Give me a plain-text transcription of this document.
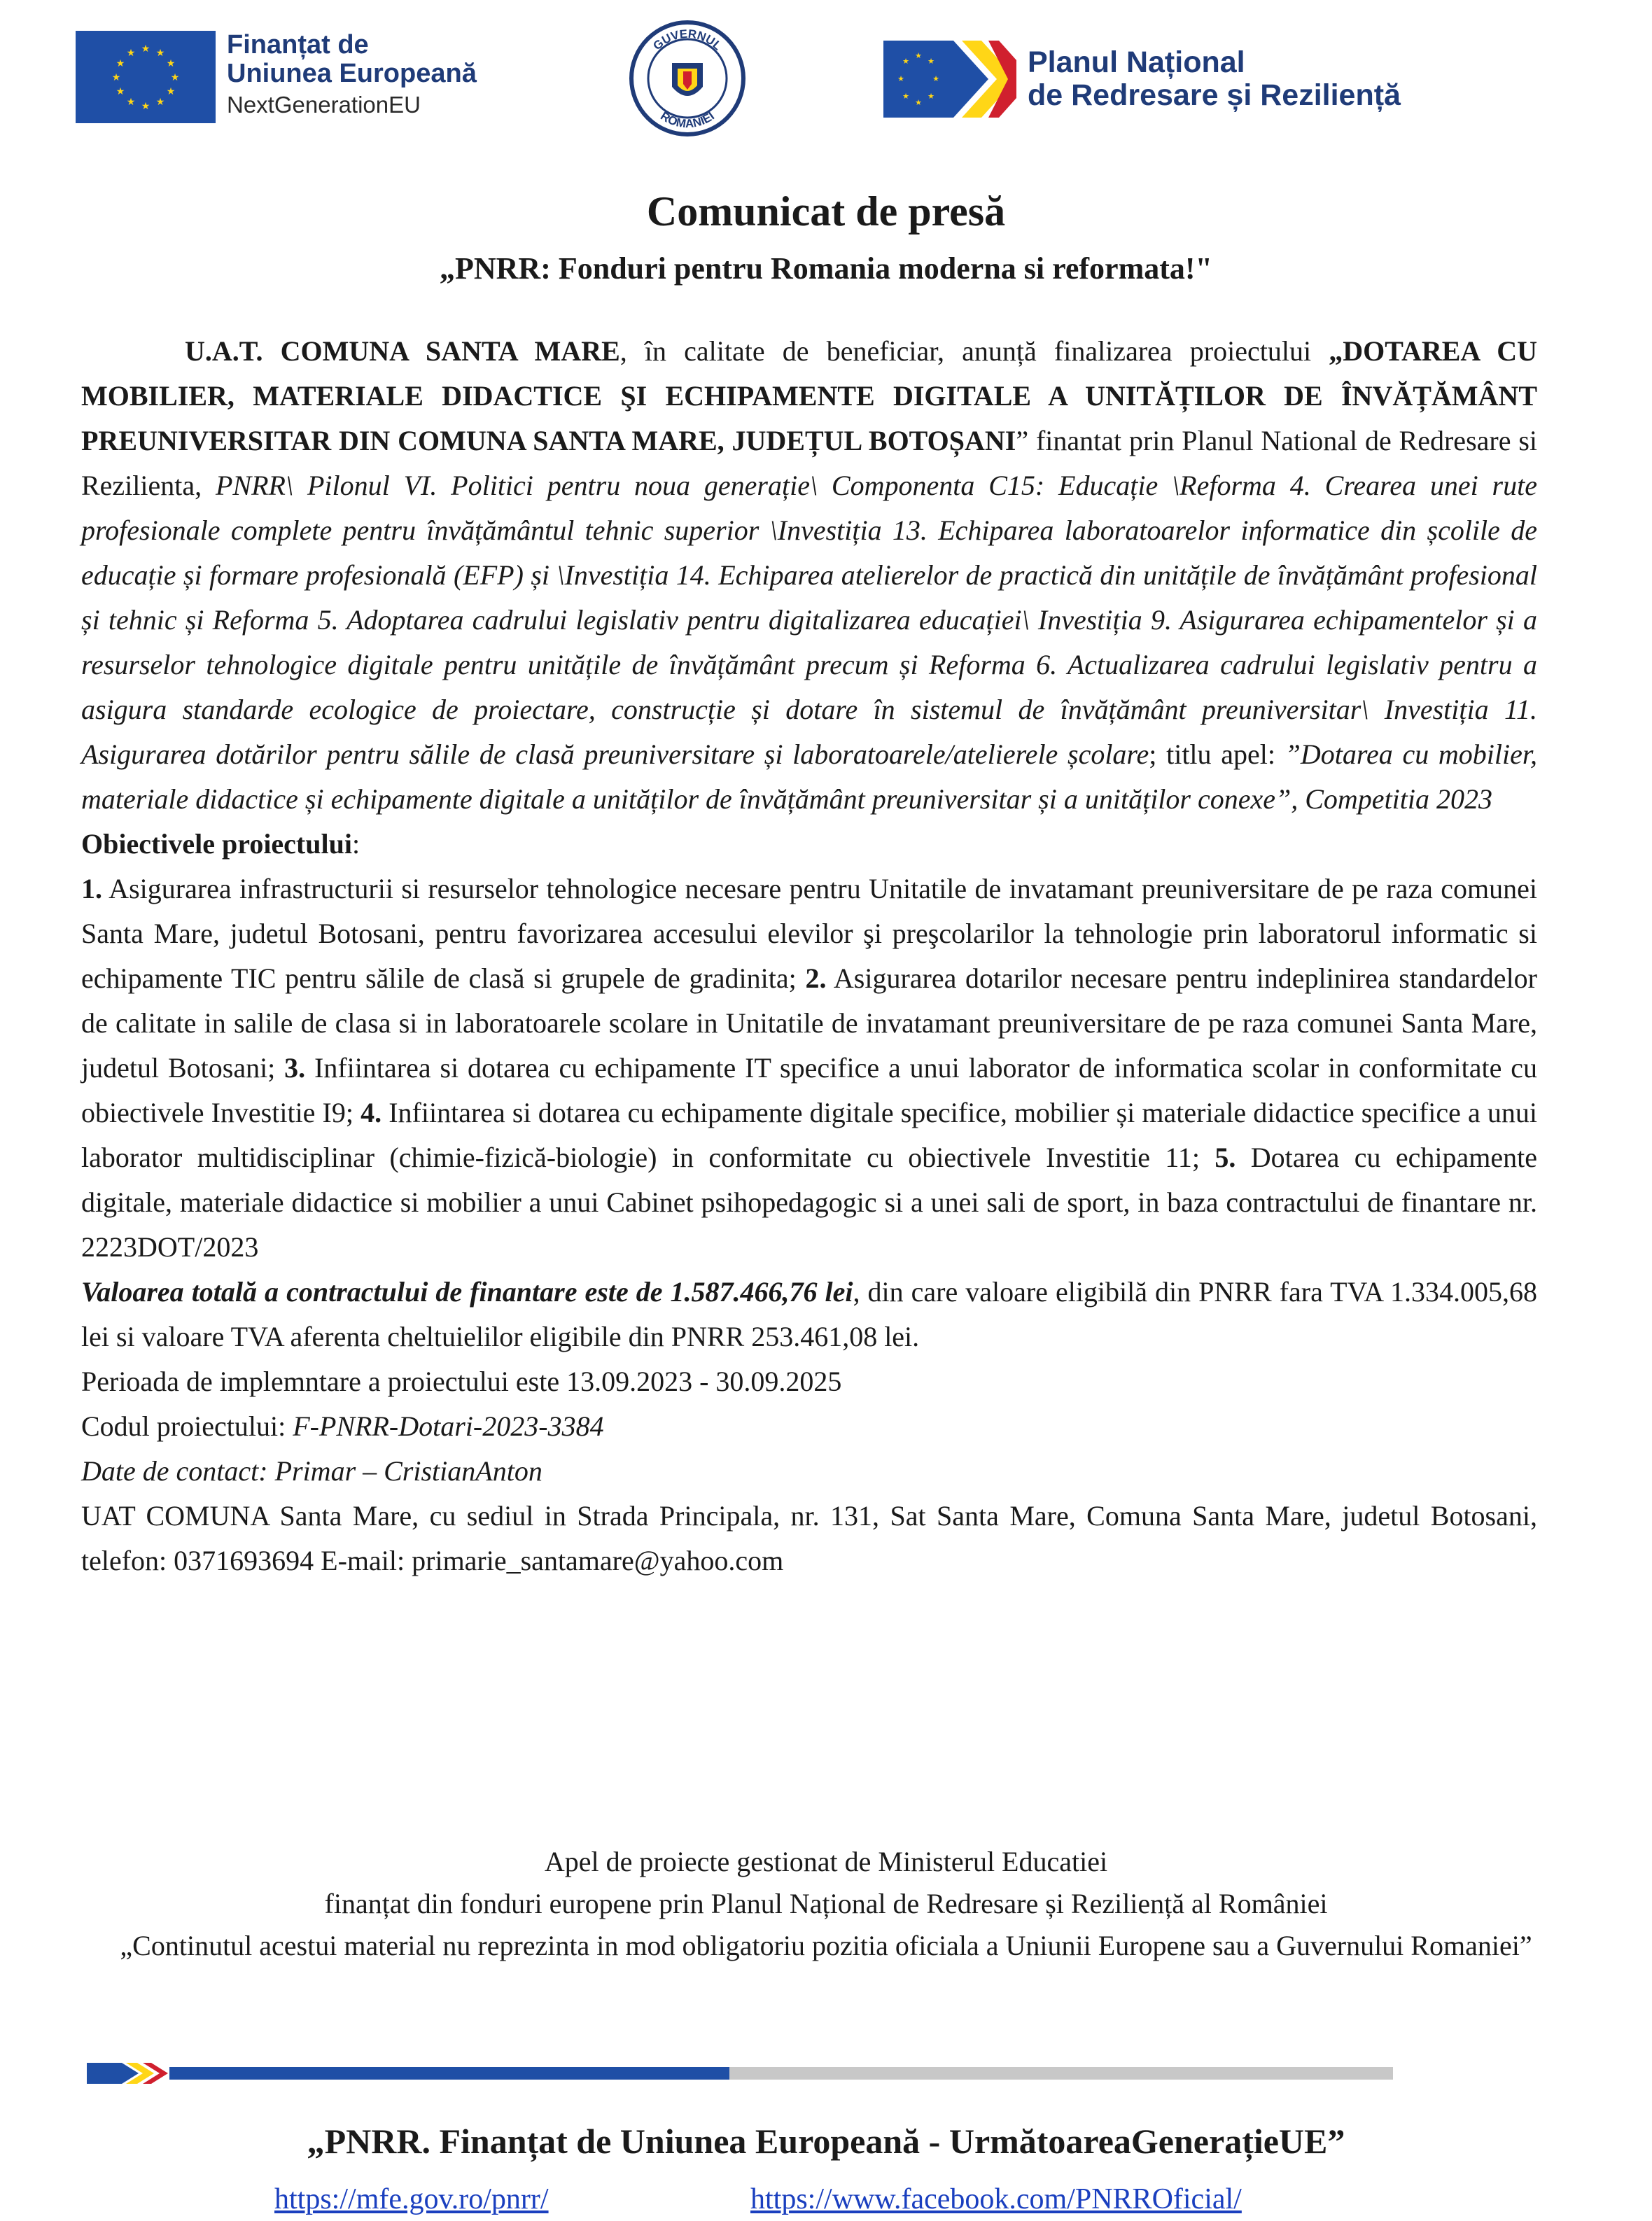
★ ★
★
★
★
★
★
★
★
★
★
★	Finanțat de
Uniunea Europeană
NextGenerationEU
GUVERNUL
ROMÂNIEI
★
★
★
★
★
★
★
★	Planul Național
de Redresare și Reziliență
Comunicat de presă
„PNRR: Fonduri pentru Romania moderna si reformata!"

U.A.T. COMUNA SANTA MARE, în calitate de beneficiar, anunță finalizarea proiectului „DOTAREA CU MOBILIER, MATERIALE DIDACTICE ŞI ECHIPAMENTE DIGITALE A UNITĂȚILOR DE ÎNVĂȚĂMÂNT PREUNIVERSITAR DIN COMUNA SANTA MARE, JUDEȚUL BOTOȘANI” finantat prin Planul National de Redresare si Rezilienta, PNRR\ Pilonul VI. Politici pentru noua generație\ Componenta C15: Educație \Reforma 4. Crearea unei rute profesionale complete pentru învățământul tehnic superior \Investiția 13. Echiparea laboratoarelor informatice din școlile de educație și formare profesională (EFP) și \Investiția 14. Echiparea atelierelor de practică din unitățile de învățământ profesional și tehnic și Reforma 5. Adoptarea cadrului legislativ pentru digitalizarea educației\ Investiția 9. Asigurarea echipamentelor și a resurselor tehnologice digitale pentru unitățile de învățământ precum și Reforma 6. Actualizarea cadrului legislativ pentru a asigura standarde ecologice de proiectare, construcție și dotare în sistemul de învățământ preuniversitar\ Investiția 11. Asigurarea dotărilor pentru sălile de clasă preuniversitare și laboratoarele/atelierele școlare; titlu apel: ”Dotarea cu mobilier, materiale didactice și echipamente digitale a unităților de învățământ preuniversitar și a unităților conexe”, Competitia 2023

Obiectivele proiectului:

1. Asigurarea infrastructurii si resurselor tehnologice necesare pentru Unitatile de invatamant preuniversitare de pe raza comunei Santa Mare, judetul Botosani, pentru favorizarea accesului elevilor şi preşcolarilor la tehnologie prin laboratorul informatic si echipamente TIC pentru sălile de clasă si grupele de gradinita; 2. Asigurarea dotarilor necesare pentru indeplinirea standardelor de calitate in salile de clasa si in laboratoarele scolare in Unitatile de invatamant preuniversitare de pe raza comunei Santa Mare, judetul Botosani; 3. Infiintarea si dotarea cu echipamente IT specifice a unui laborator de informatica scolar in conformitate cu obiectivele Investitie I9; 4. Infiintarea si dotarea cu echipamente digitale specifice, mobilier și materiale didactice specifice a unui laborator multidisciplinar (chimie-fizică-biologie) in conformitate cu obiectivele Investitie 11; 5. Dotarea cu echipamente digitale, materiale didactice si mobilier a unui Cabinet psihopedagogic si a unei sali de sport, in baza contractului de finantare nr. 2223DOT/2023

Valoarea totală a contractului de finantare este de 1.587.466,76 lei, din care valoare eligibilă din PNRR fara TVA 1.334.005,68 lei si valoare TVA aferenta cheltuielilor eligibile din PNRR 253.461,08 lei.

Perioada de implemntare a proiectului este 13.09.2023 - 30.09.2025

Codul proiectului: F-PNRR-Dotari-2023-3384

Date de contact: Primar – CristianAnton

UAT COMUNA Santa Mare, cu sediul in Strada Principala, nr. 131, Sat Santa Mare, Comuna Santa Mare, judetul Botosani, telefon: 0371693694 E-mail: primarie_santamare@yahoo.com

Apel de proiecte gestionat de Ministerul Educatiei

finanțat din fonduri europene prin Planul Național de Redresare și Reziliență al României

„Continutul acestui material nu reprezinta in mod obligatoriu pozitia oficiala a Uniunii Europene sau a Guvernului Romaniei”

„PNRR. Finanțat de Uniunea Europeană - UrmătoareaGenerațieUE”
https://mfe.gov.ro/pnrr/	https://www.facebook.com/PNRROficial/
